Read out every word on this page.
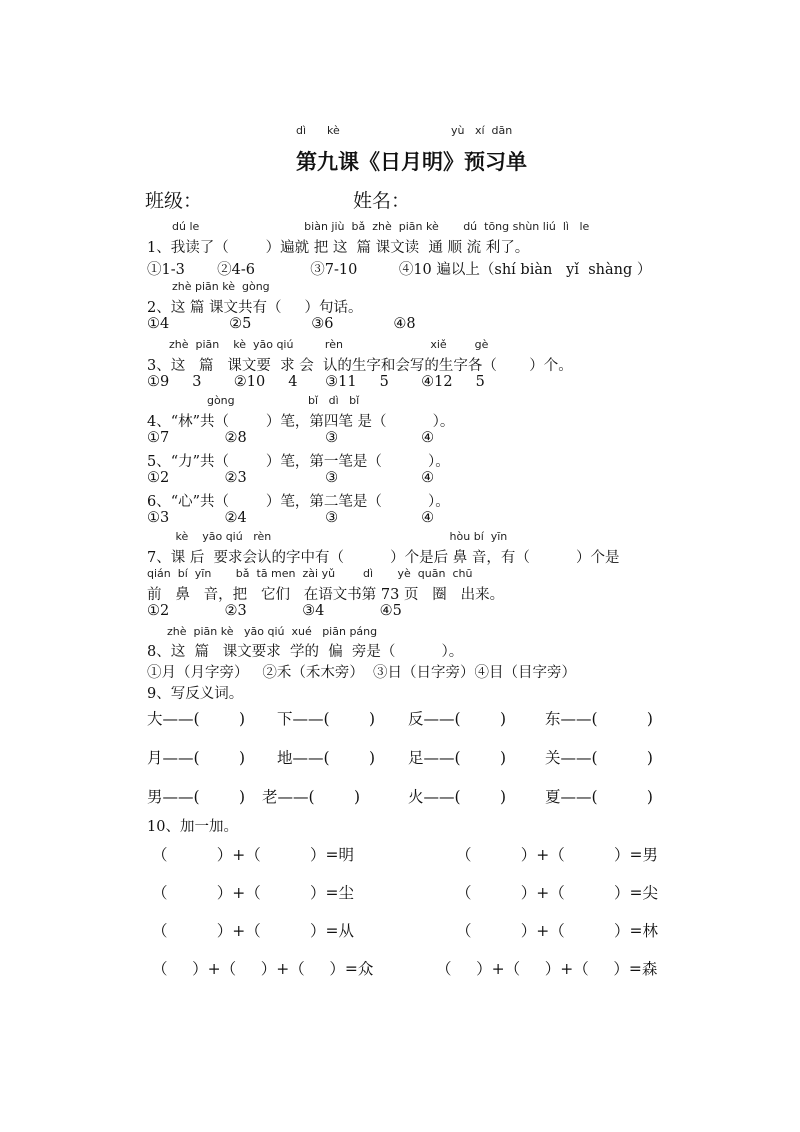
dì      kè	yù   xí  dān
第九课《日月明》预习单
班级：	姓名：
dú le                              biàn jiù  bǎ  zhè  piān kè       dú  tōng shùn liú  lì   le
1、我读了（        ）遍就 把 这  篇 课文读  通 顺 流 利了。
①1-3       ②4-6            ③7-10         ④10 遍以上（shí biàn   yǐ  shàng ）
zhè piān kè  gòng
2、这 篇 课文共有（     ）句话。
①4             ②5             ③6             ④8
zhè  piān    kè  yāo qiú         rèn                         xiě        gè
3、这   篇   课文要  求 会  认的生字和会写的生字各（       ）个。
①9     3       ②10     4      ③11     5       ④12     5
gòng                     bǐ   dì   bǐ
4、“林”共（        ）笔，第四笔 是（          ）。
①7            ②8                 ③                  ④
5、“力”共（        ）笔，第一笔是（          ）。
①2            ②3                 ③                  ④
6、“心”共（        ）笔，第二笔是（          ）。
①3            ②4                 ③                  ④
kè    yāo qiú   rèn                                                   hòu bí  yīn
7、课 后  要求会认的字中有（          ）个是后 鼻 音，有（          ）个是
qián  bí  yīn       bǎ  tā men  zài yǔ        dì       yè  quān  chū
前   鼻   音，把   它们   在语文书第 73 页   圈   出来。
①2            ②3            ③4            ④5
zhè  piān kè   yāo qiú  xué   piān páng
8、这  篇   课文要求  学的  偏  旁是（          ）。
①月（月字旁）   ②禾（禾木旁）  ③日（日字旁）④目（目字旁）
9、写反义词。
大——(        ) 下——(        ) 反——(        )	东——(          )
月——(        ) 地——(        ) 足——(        )	关——(          )
男——(        ) 老——(        )	火——(        )	夏——(          )
10、加一加。
（          ）+（          ）=明	（          ）+（          ）=男
（          ）+（          ）=尘	（          ）+（          ）=尖
（          ）+（          ）=从	（          ）+（          ）=林
（     ）+（     ）+（     ）=众	（     ）+（     ）+（     ）=森
